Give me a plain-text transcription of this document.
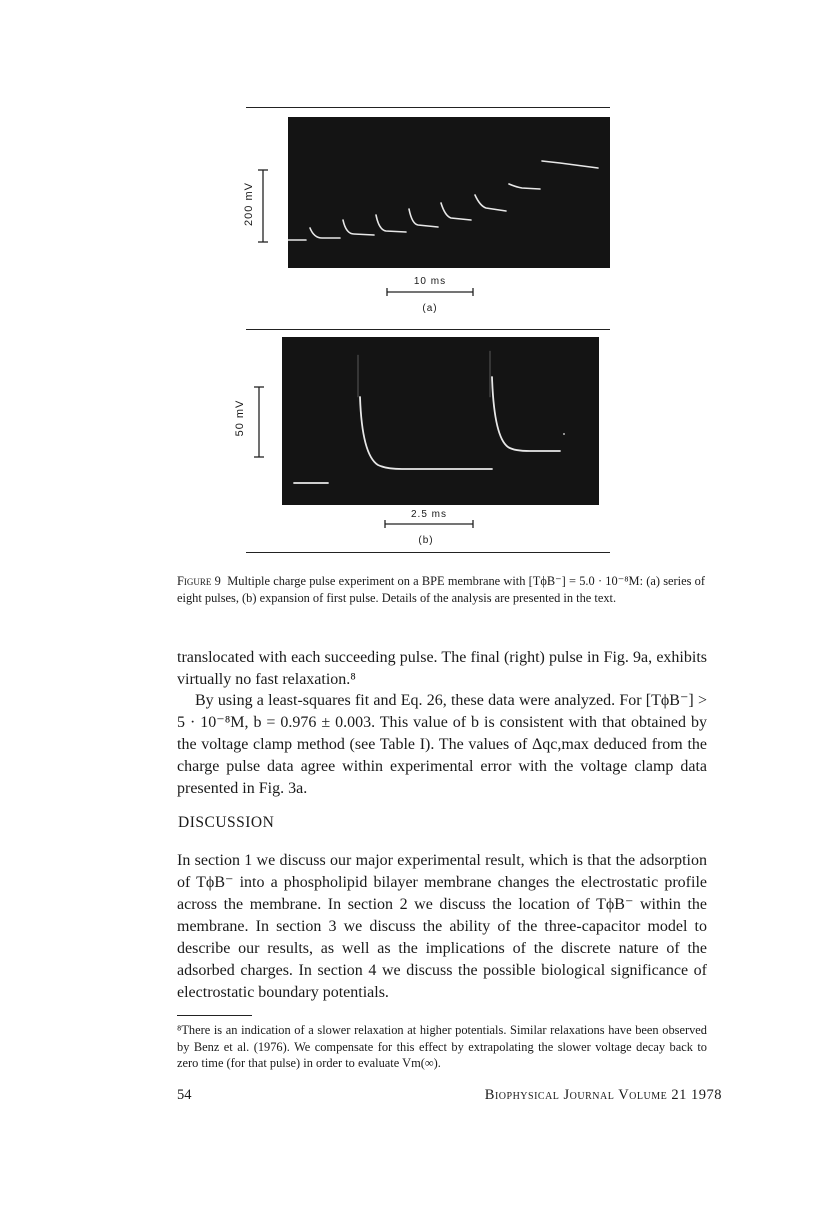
200 mV
10 ms
(a)
50 mV
2.5 ms
(b)
Figure 9 Multiple charge pulse experiment on a BPE membrane with [TϕB⁻] = 5.0 · 10⁻⁸M: (a) series of eight pulses, (b) expansion of first pulse. Details of the analysis are presented in the text.

translocated with each succeeding pulse. The final (right) pulse in Fig. 9a, exhibits virtually no fast relaxation.⁸

By using a least-squares fit and Eq. 26, these data were analyzed. For [TϕB⁻] > 5 · 10⁻⁸M, b = 0.976 ± 0.003. This value of b is consistent with that obtained by the voltage clamp method (see Table I). The values of Δqc,max deduced from the charge pulse data agree within experimental error with the voltage clamp data presented in Fig. 3a.

DISCUSSION

In section 1 we discuss our major experimental result, which is that the adsorption of TϕB⁻ into a phospholipid bilayer membrane changes the electrostatic profile across the membrane. In section 2 we discuss the location of TϕB⁻ within the membrane. In section 3 we discuss the ability of the three-capacitor model to describe our results, as well as the implications of the discrete nature of the adsorbed charges. In section 4 we discuss the possible biological significance of electrostatic boundary potentials.

⁸There is an indication of a slower relaxation at higher potentials. Similar relaxations have been observed by Benz et al. (1976). We compensate for this effect by extrapolating the slower voltage decay back to zero time (for that pulse) in order to evaluate Vm(∞).
54	Biophysical Journal Volume 21 1978
